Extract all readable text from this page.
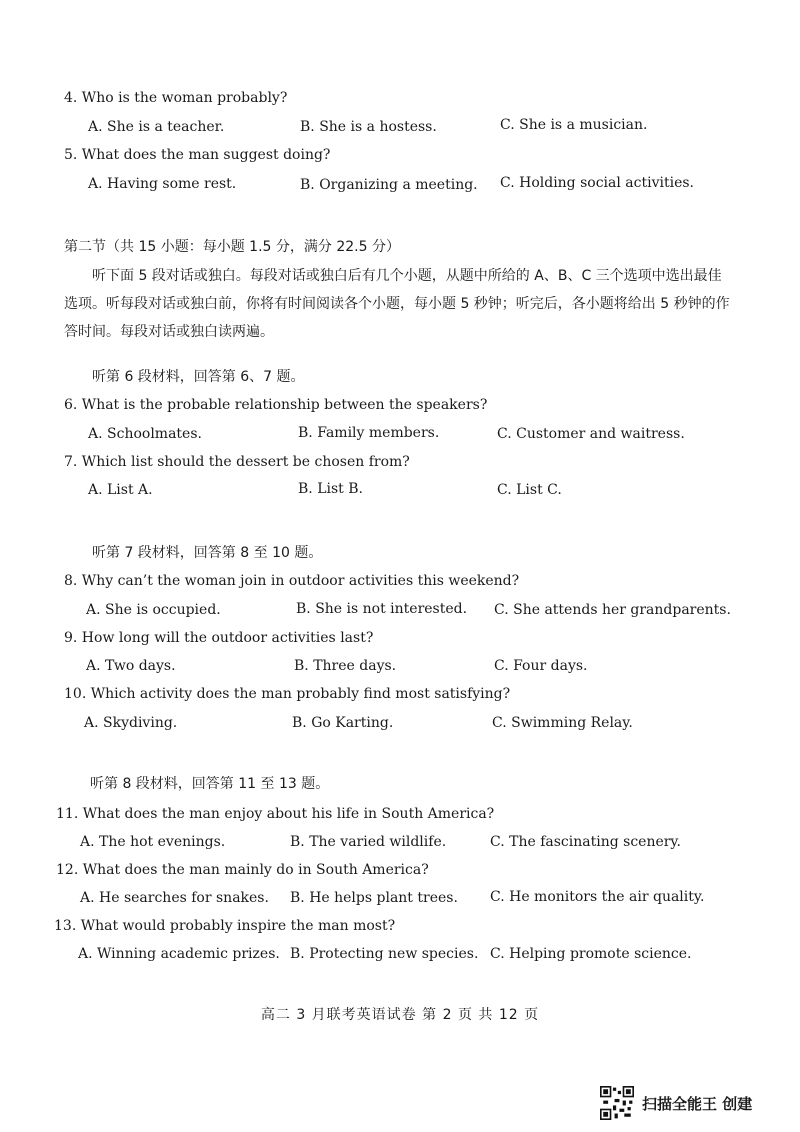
4. Who is the woman probably?
A. She is a teacher.	B. She is a hostess.	C. She is a musician.
5. What does the man suggest doing?
A. Having some rest.	B. Organizing a meeting. C. Holding social activities.
第二节（共 15 小题：每小题 1.5 分，满分 22.5 分）
听下面 5 段对话或独白。每段对话或独白后有几个小题，从题中所给的 A、B、C 三个选项中选出最佳选项。听每段对话或独白前，你将有时间阅读各个小题，每小题 5 秒钟；听完后，各小题将给出 5 秒钟的作答时间。每段对话或独白读两遍。
听第 6 段材料，回答第 6、7 题。
6. What is the probable relationship between the speakers?
A. Schoolmates.	B. Family members.	C. Customer and waitress.
7. Which list should the dessert be chosen from?
A. List A.	B. List B.	C. List C.
听第 7 段材料，回答第 8 至 10 题。
8. Why can’t the woman join in outdoor activities this weekend?
A. She is occupied.	B. She is not interested. C. She attends her grandparents.
9. How long will the outdoor activities last?
A. Two days.	B. Three days.	C. Four days.
10. Which activity does the man probably find most satisfying?
A. Skydiving.	B. Go Karting.	C. Swimming Relay.
听第 8 段材料，回答第 11 至 13 题。
11. What does the man enjoy about his life in South America?
A. The hot evenings.	B. The varied wildlife.	C. The fascinating scenery.
12. What does the man mainly do in South America?
A. He searches for snakes. B. He helps plant trees. C. He monitors the air quality.
13. What would probably inspire the man most?
A. Winning academic prizes. B. Protecting new species. C. Helping promote science.
高二 3 月联考英语试卷 第 2 页 共 12 页
扫描全能王 创建
